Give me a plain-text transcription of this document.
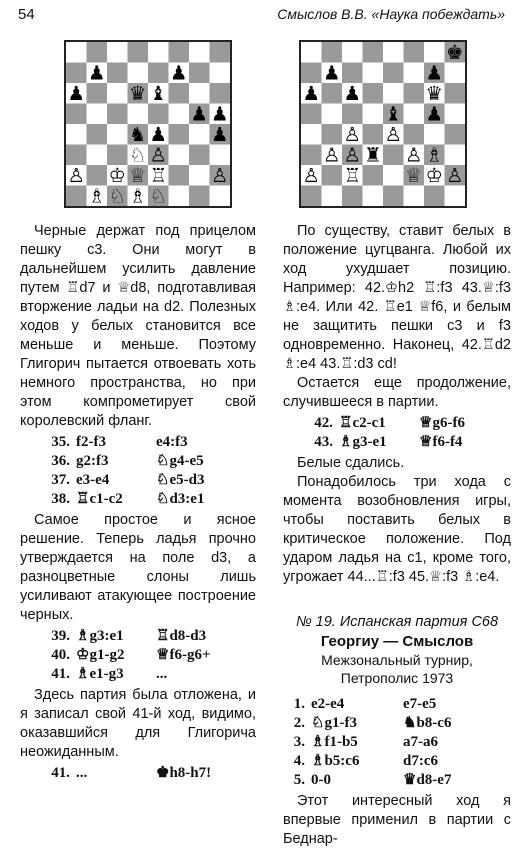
54	Смыслов В.В. «Наука побеждать»
♟	♟
♟ ♛ ♝
♟ ♟
♞ ♟ ♟
♘ ♙
♙ ♔ ♕ ♖ ♙
♗ ♘ ♗ ♘
♚
♟	♟
♟ ♟	♛
♝ ♟
♙ ♙
♙ ♙ ♜ ♙ ♗
♙ ♖ ♕ ♔ ♙

Черные держат под прицелом пешку с3. Они могут в дальнейшем усилить давление путем ♖d7 и ♕d8, подготавливая вторжение ладьи на d2. Полезных ходов у белых становится все меньше и меньше. Поэтому Глигорич пытается отвоевать хоть немного пространства, но при этом компрометирует свой королевский фланг.

35. f2-f3	e4:f3
36. g2:f3	♘g4-e5
37. e3-e4	♘e5-d3
38. ♖c1-c2	♘d3:e1

Самое простое и ясное решение. Теперь ладья прочно утверждается на поле d3, а разноцветные слоны лишь усиливают атакующее построение черных.

39. ♗g3:e1	♖d8-d3
40. ♔g1-g2	♕f6-g6+
41. ♗e1-g3	...

Здесь партия была отложена, и я записал свой 41-й ход, видимо, оказавшийся для Глигорича неожиданным.

41. ...	♚h8-h7!

По существу, ставит белых в положение цугцванга. Любой их ход ухудшает позицию. Например: 42.♔h2 ♖:f3 43.♕:f3 ♗:e4. Или 42. ♖e1 ♕f6, и белым не защитить пешки с3 и f3 одновременно. Наконец, 42.♖d2 ♗:e4 43.♖:d3 cd!

Остается еще продолжение, случившееся в партии.

42. ♖c2-c1	♕g6-f6
43. ♗g3-e1	♕f6-f4

Белые сдались.

Понадобилось три хода с момента возобновления игры, чтобы поставить белых в критическое положение. Под ударом ладья на с1, кроме того, угрожает 44...♖:f3 45.♕:f3 ♗:e4.

№ 19. Испанская партия С68
Георгиу — Смыслов
Межзональный турнир,
Петрополис 1973
1. e2-e4	e7-e5
2. ♘g1-f3	♞b8-c6
3. ♗f1-b5	a7-a6
4. ♗b5:c6	d7:c6
5. 0-0	♛d8-e7

Этот интересный ход я впервые применил в партии с Беднар-
